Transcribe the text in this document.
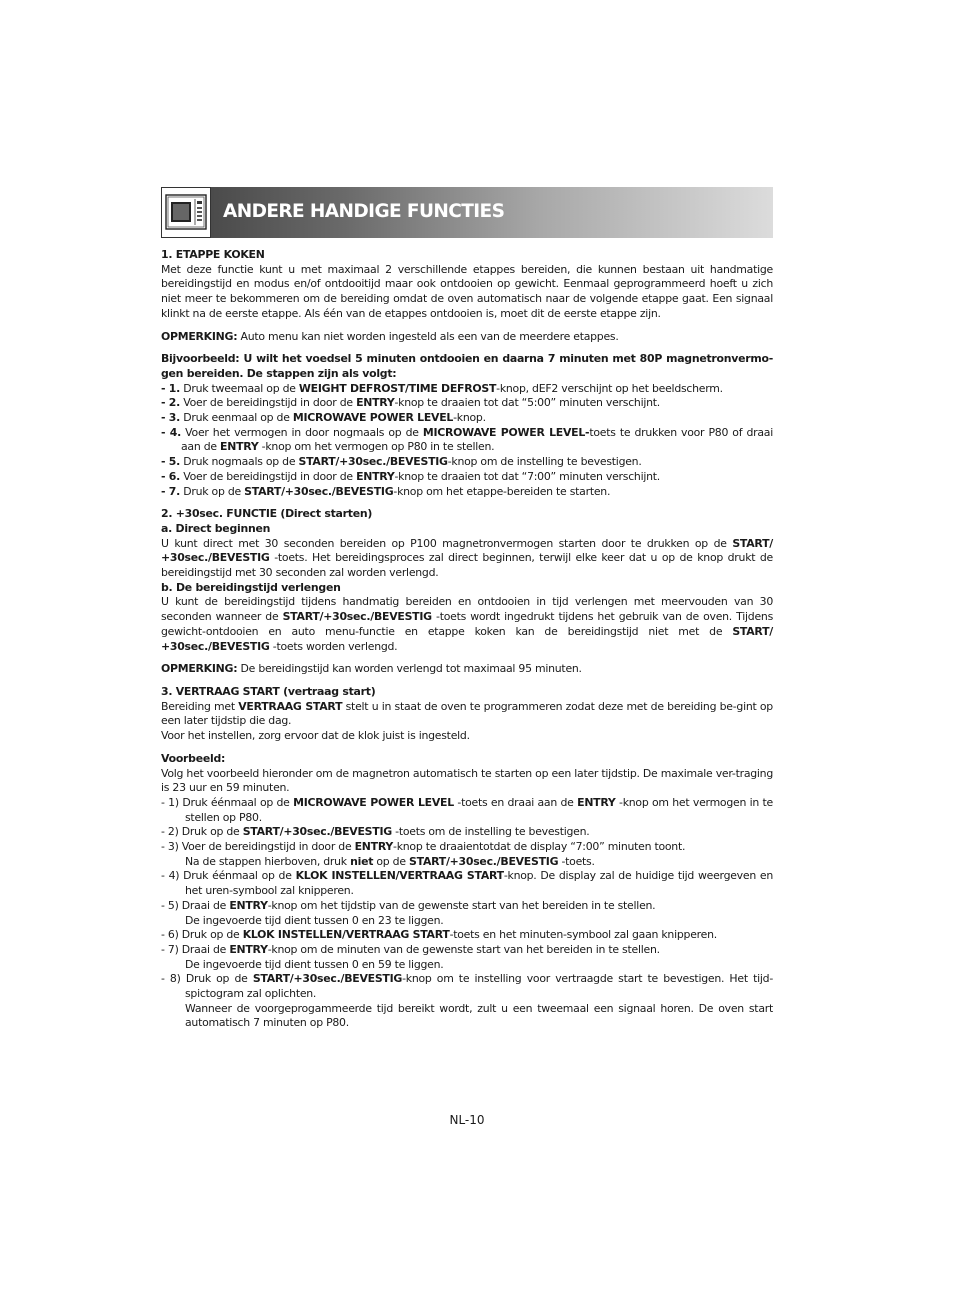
ANDERE HANDIGE FUNCTIES

1. ETAPPE KOKEN

Met deze functie kunt u met maximaal 2 verschillende etappes bereiden, die kunnen bestaan uit handmatige bereidingstijd en modus en/of ontdooitijd maar ook ontdooien op gewicht. Eenmaal geprogrammeerd hoeft u zich niet meer te bekommeren om de bereiding omdat de oven automatisch naar de volgende etappe gaat. Een signaal klinkt na de eerste etappe. Als één van de etappes ontdooien is, moet dit de eerste etappe zijn.

OPMERKING: Auto menu kan niet worden ingesteld als een van de meerdere etappes.

Bijvoorbeeld: U wilt het voedsel 5 minuten ontdooien en daarna 7 minuten met 80P magnetronvermo-gen bereiden. De stappen zijn als volgt:

- 1. Druk tweemaal op de WEIGHT DEFROST/TIME DEFROST-knop, dEF2 verschijnt op het beeldscherm.

- 2. Voer de bereidingstijd in door de ENTRY-knop te draaien tot dat “5:00” minuten verschijnt.

- 3. Druk eenmaal op de MICROWAVE POWER LEVEL-knop.

- 4. Voer het vermogen in door nogmaals op de MICROWAVE POWER LEVEL-toets te drukken voor P80 of draai aan de ENTRY -knop om het vermogen op P80 in te stellen.

- 5. Druk nogmaals op de START/+30sec./BEVESTIG-knop om de instelling te bevestigen.

- 6. Voer de bereidingstijd in door de ENTRY-knop te draaien tot dat “7:00” minuten verschijnt.

- 7. Druk op de START/+30sec./BEVESTIG-knop om het etappe-bereiden te starten.

2. +30sec. FUNCTIE (Direct starten)

a. Direct beginnen

U kunt direct met 30 seconden bereiden op P100 magnetronvermogen starten door te drukken op de START/ +30sec./BEVESTIG -toets. Het bereidingsproces zal direct beginnen, terwijl elke keer dat u op de knop drukt de bereidingstijd met 30 seconden zal worden verlengd.

b. De bereidingstijd verlengen

U kunt de bereidingstijd tijdens handmatig bereiden en ontdooien in tijd verlengen met meervouden van 30 seconden wanneer de START/+30sec./BEVESTIG -toets wordt ingedrukt tijdens het gebruik van de oven. Tijdens gewicht-ontdooien en auto menu-functie en etappe koken kan de bereidingstijd niet met de START/ +30sec./BEVESTIG -toets worden verlengd.

OPMERKING: De bereidingstijd kan worden verlengd tot maximaal 95 minuten.

3. VERTRAAG START (vertraag start)

Bereiding met VERTRAAG START stelt u in staat de oven te programmeren zodat deze met de bereiding be-gint op een later tijdstip die dag.

Voor het instellen, zorg ervoor dat de klok juist is ingesteld.

Voorbeeld:

Volg het voorbeeld hieronder om de magnetron automatisch te starten op een later tijdstip. De maximale ver-traging is 23 uur en 59 minuten.

- 1) Druk éénmaal op de MICROWAVE POWER LEVEL -toets en draai aan de ENTRY -knop om het vermogen in te stellen op P80.

- 2) Druk op de START/+30sec./BEVESTIG -toets om de instelling te bevestigen.

- 3) Voer de bereidingstijd in door de ENTRY-knop te draaientotdat de display “7:00” minuten toont.

Na de stappen hierboven, druk niet op de START/+30sec./BEVESTIG -toets.

- 4) Druk éénmaal op de KLOK INSTELLEN/VERTRAAG START-knop. De display zal de huidige tijd weergeven en het uren-symbool zal knipperen.

- 5) Draai de ENTRY-knop om het tijdstip van de gewenste start van het bereiden in te stellen.

De ingevoerde tijd dient tussen 0 en 23 te liggen.

- 6) Druk op de KLOK INSTELLEN/VERTRAAG START-toets en het minuten-symbool zal gaan knipperen.

- 7) Draai de ENTRY-knop om de minuten van de gewenste start van het bereiden in te stellen.

De ingevoerde tijd dient tussen 0 en 59 te liggen.

- 8) Druk op de START/+30sec./BEVESTIG-knop om te instelling voor vertraagde start te bevestigen. Het tijd-spictogram zal oplichten.

Wanneer de voorgeprogammeerde tijd bereikt wordt, zult u een tweemaal een signaal horen. De oven start automatisch 7 minuten op P80.

NL-10
